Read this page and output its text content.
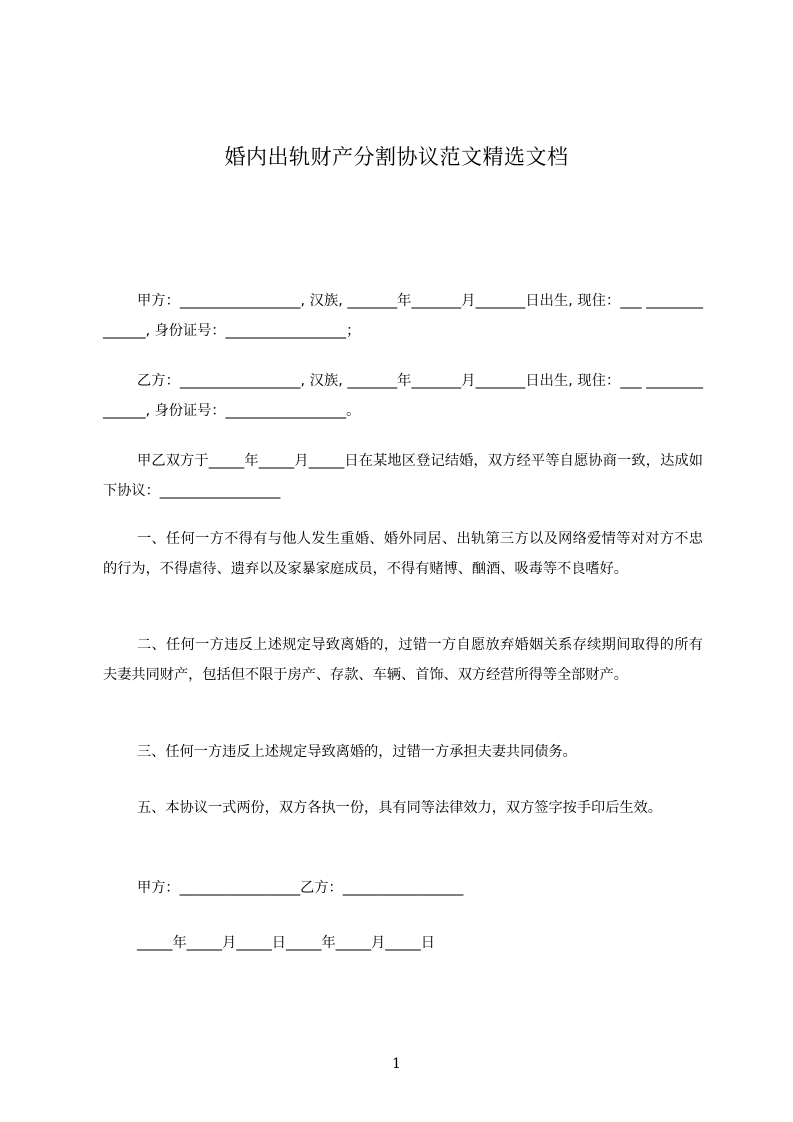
婚内出轨财产分割协议范文精选文档

甲方：_________________, 汉族, _______年_______月_______日出生, 现住：___ ______________, 身份证号：_________________；

乙方：_________________, 汉族, _______年_______月_______日出生, 现住：___ ______________, 身份证号：_________________。

甲乙双方于_____年_____月_____日在某地区登记结婚，双方经平等自愿协商一致，达成如下协议：_________________

一、任何一方不得有与他人发生重婚、婚外同居、出轨第三方以及网络爱情等对对方不忠的行为，不得虐待、遗弃以及家暴家庭成员，不得有赌博、酗酒、吸毒等不良嗜好。

二、任何一方违反上述规定导致离婚的，过错一方自愿放弃婚姻关系存续期间取得的所有夫妻共同财产，包括但不限于房产、存款、车辆、首饰、双方经营所得等全部财产。

三、任何一方违反上述规定导致离婚的，过错一方承担夫妻共同债务。

五、本协议一式两份，双方各执一份，具有同等法律效力，双方签字按手印后生效。

甲方：_________________乙方：_________________
_____年_____月_____日_____年_____月_____日
1
